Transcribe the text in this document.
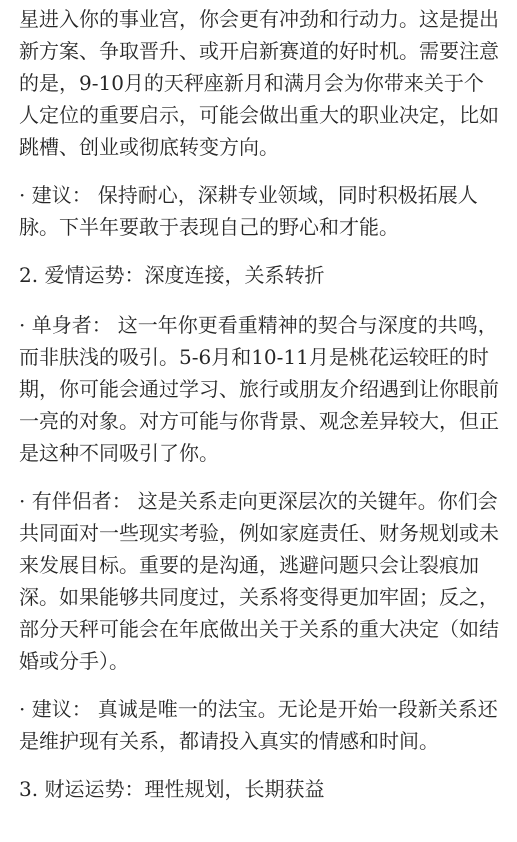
星进入你的事业宫，你会更有冲劲和行动力。这是提出新方案、争取晋升、或开启新赛道的好时机。需要注意的是，9-10月的天秤座新月和满月会为你带来关于个人定位的重要启示，可能会做出重大的职业决定，比如跳槽、创业或彻底转变方向。

· 建议： 保持耐心，深耕专业领域，同时积极拓展人脉。下半年要敢于表现自己的野心和才能。

2. 爱情运势：深度连接，关系转折

· 单身者： 这一年你更看重精神的契合与深度的共鸣，而非肤浅的吸引。5-6月和10-11月是桃花运较旺的时期，你可能会通过学习、旅行或朋友介绍遇到让你眼前一亮的对象。对方可能与你背景、观念差异较大，但正是这种不同吸引了你。

· 有伴侣者： 这是关系走向更深层次的关键年。你们会共同面对一些现实考验，例如家庭责任、财务规划或未来发展目标。重要的是沟通，逃避问题只会让裂痕加深。如果能够共同度过，关系将变得更加牢固；反之，部分天秤可能会在年底做出关于关系的重大决定（如结婚或分手）。

· 建议： 真诚是唯一的法宝。无论是开始一段新关系还是维护现有关系，都请投入真实的情感和时间。

3. 财运运势：理性规划，长期获益
